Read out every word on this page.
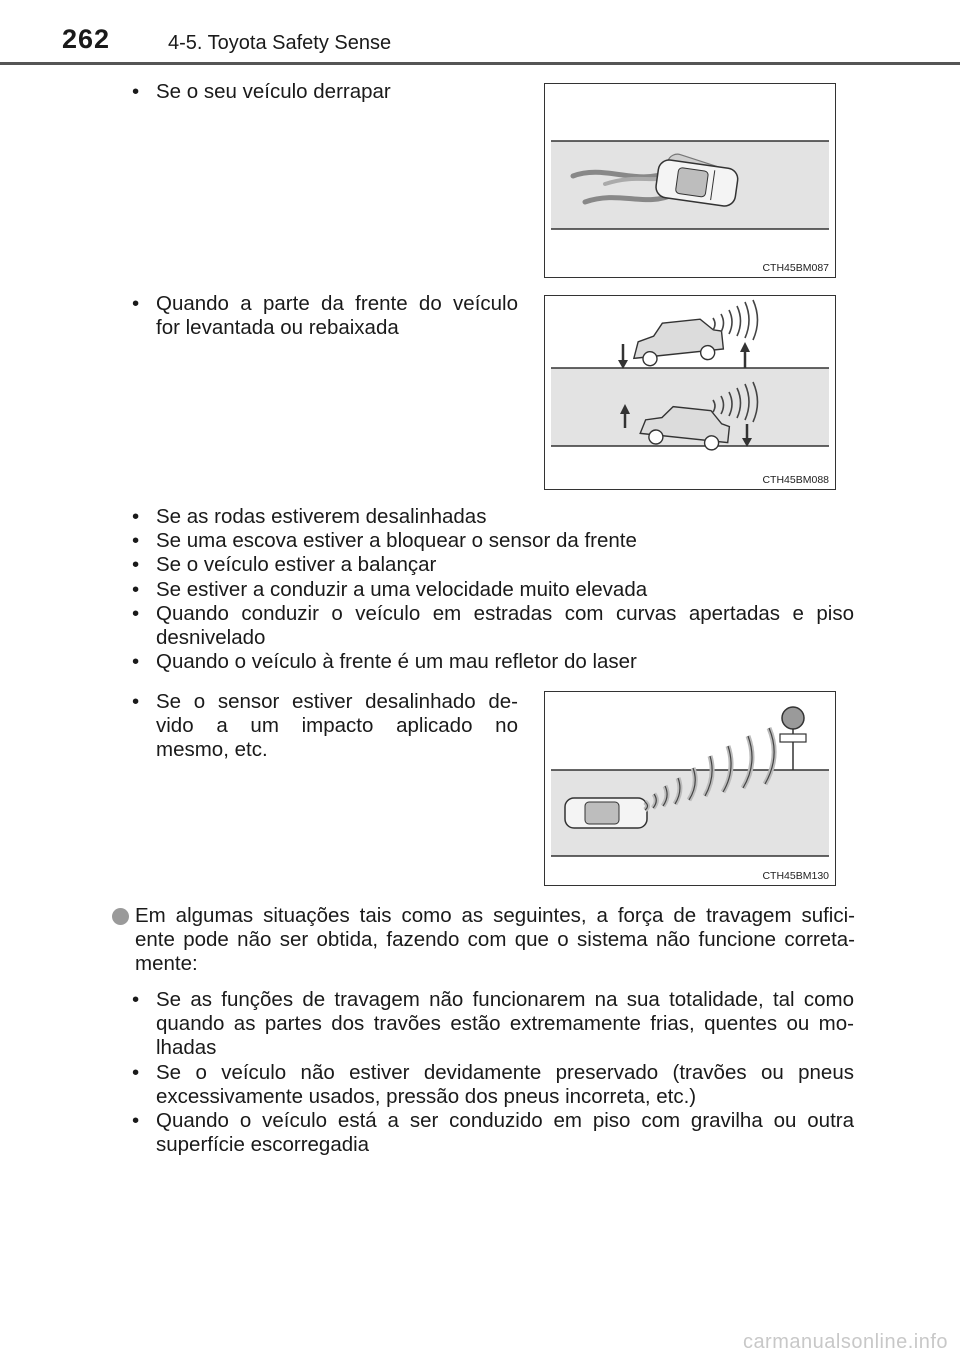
262	4-5. Toyota Safety Sense
• Se o seu veículo derrapar
CTH45BM087
• Quando a parte da frente do veículo
for levantada ou rebaixada
CTH45BM088
• Se as rodas estiverem desalinhadas
• Se uma escova estiver a bloquear o sensor da frente
• Se o veículo estiver a balançar
• Se estiver a conduzir a uma velocidade muito elevada
• Quando conduzir o veículo em estradas com curvas apertadas e piso
desnivelado
• Quando o veículo à frente é um mau refletor do laser
• Se o sensor estiver desalinhado de-
vido a um impacto aplicado no
mesmo, etc.
CTH45BM130
Em algumas situações tais como as seguintes, a força de travagem sufici-
ente pode não ser obtida, fazendo com que o sistema não funcione correta-
mente:
• Se as funções de travagem não funcionarem na sua totalidade, tal como
quando as partes dos travões estão extremamente frias, quentes ou mo-
lhadas
• Se o veículo não estiver devidamente preservado (travões ou pneus
excessivamente usados, pressão dos pneus incorreta, etc.)
• Quando o veículo está a ser conduzido em piso com gravilha ou outra
superfície escorregadia
carmanualsonline.info
